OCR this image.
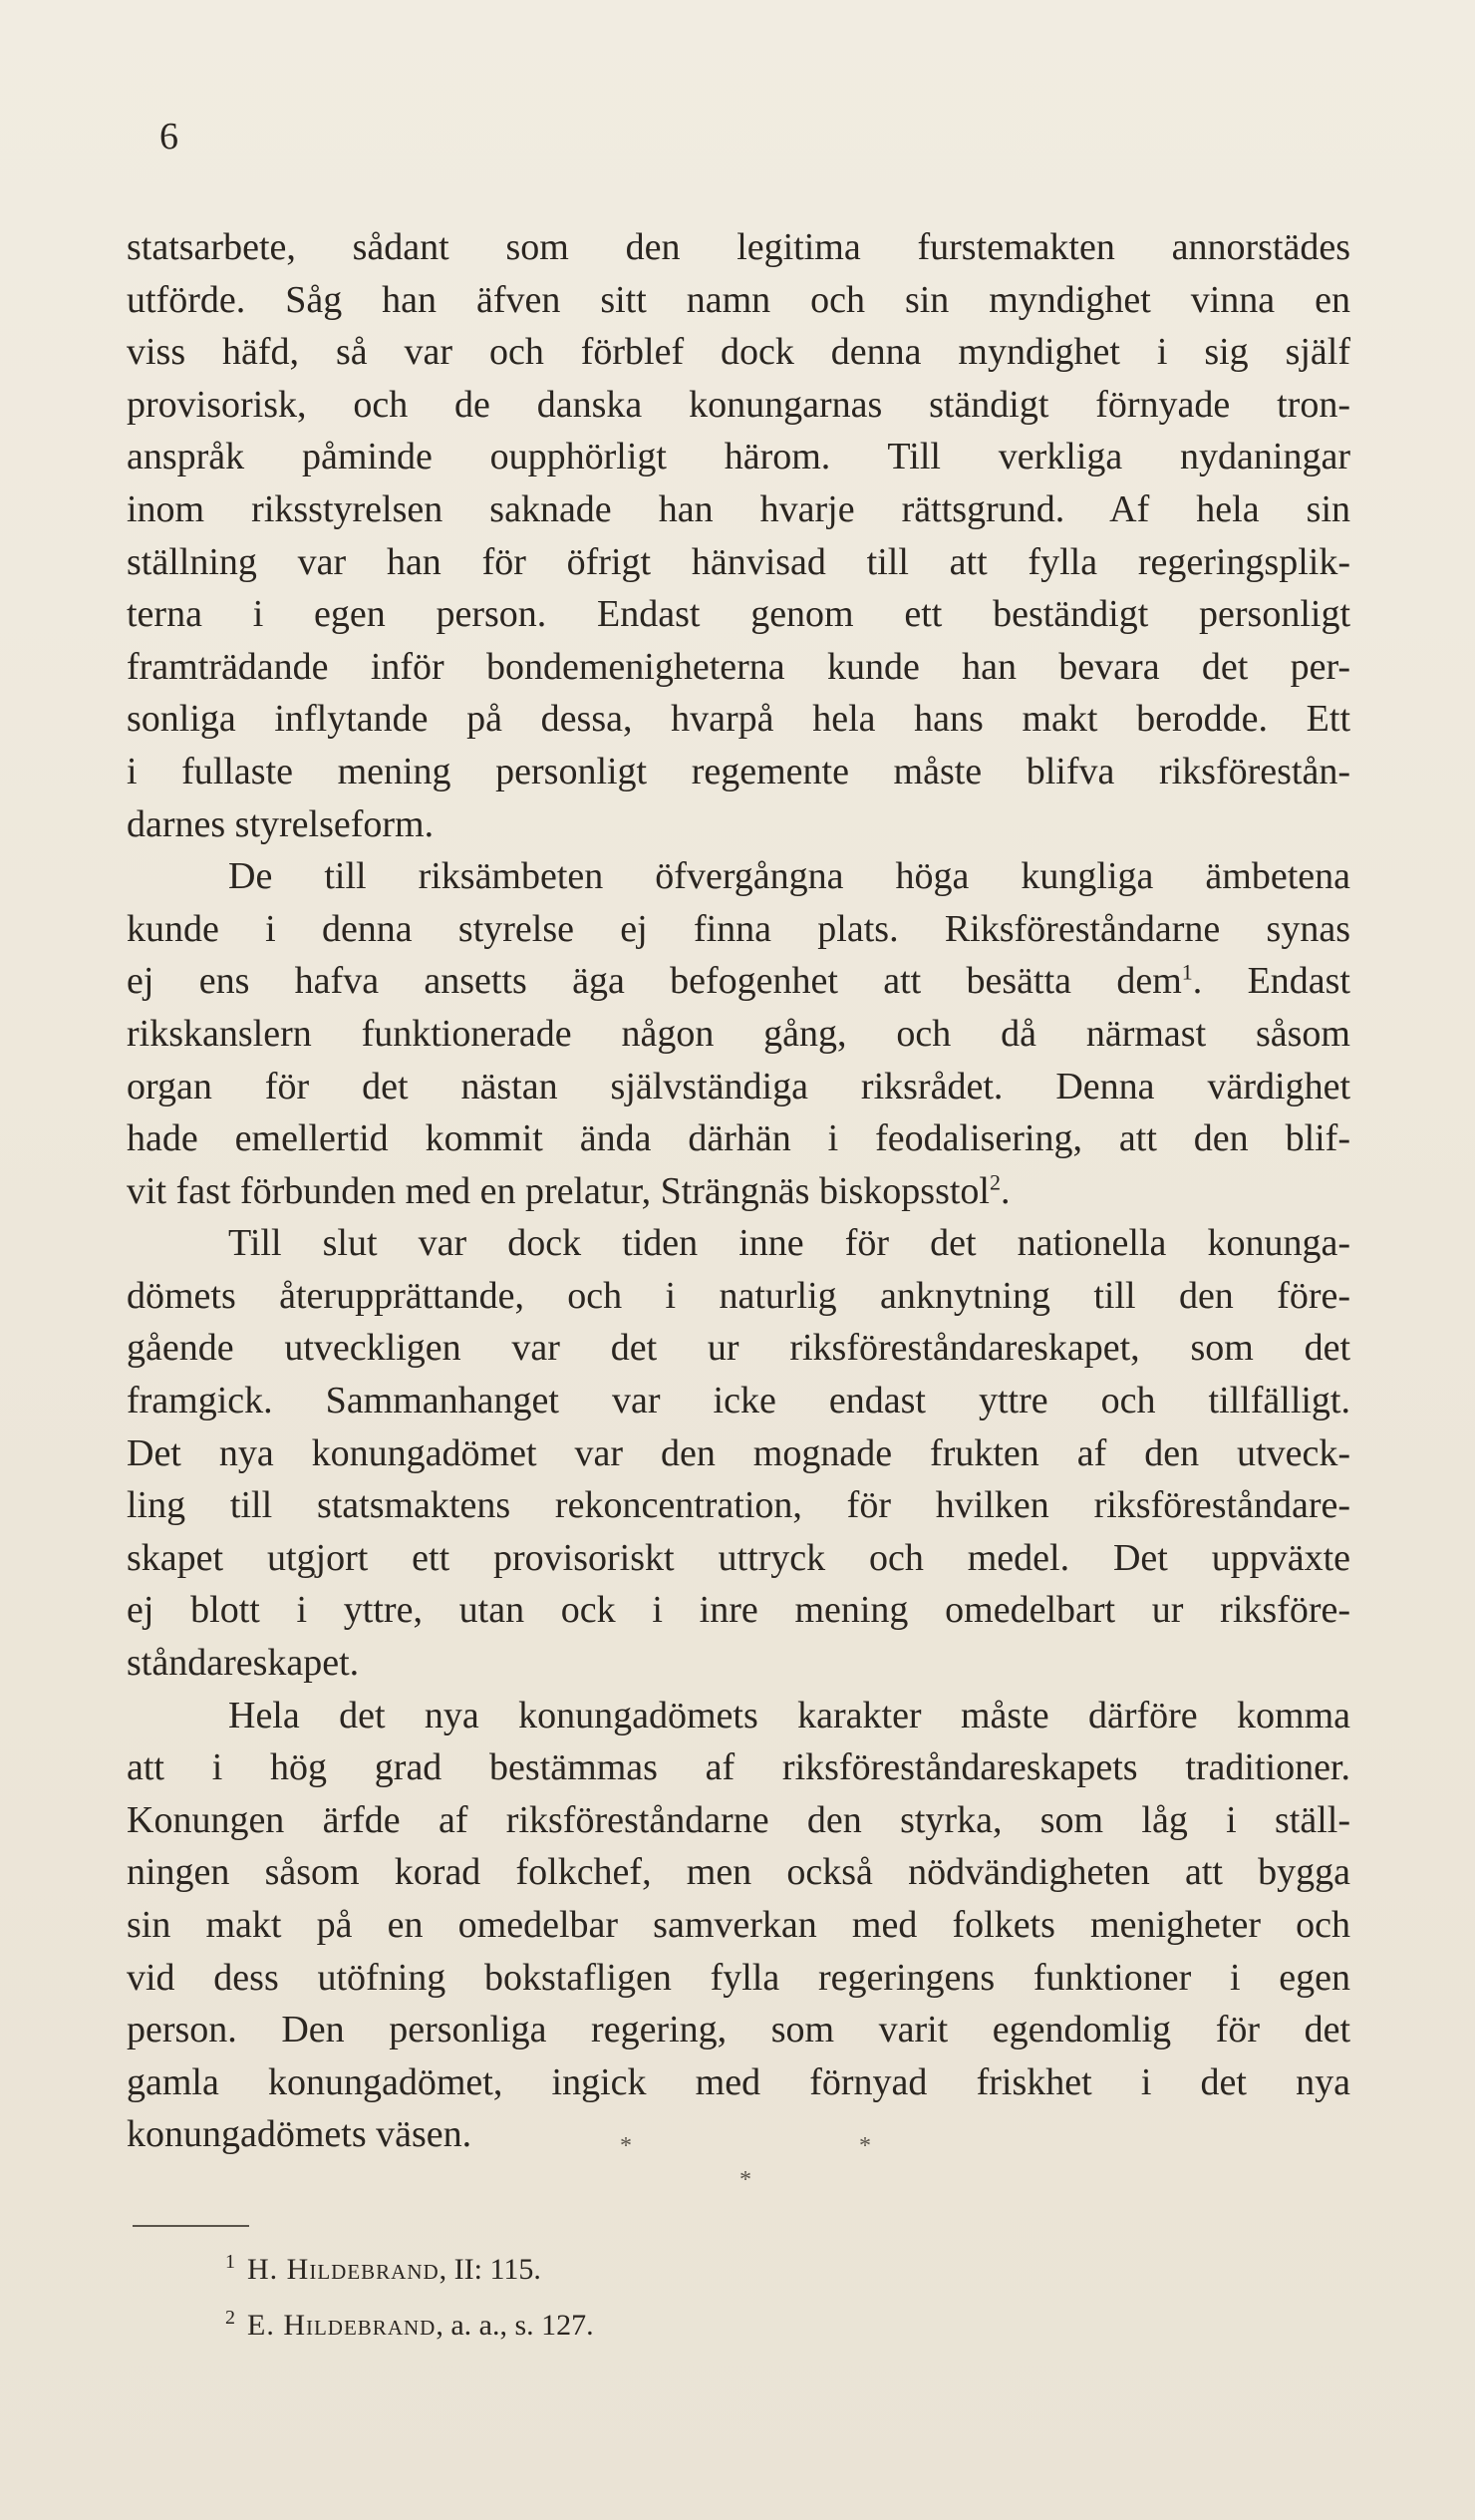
6
statsarbete, sådant som den legitima furstemakten annorstädes
utförde. Såg han äfven sitt namn och sin myndighet vinna en
viss häfd, så var och förblef dock denna myndighet i sig själf
provisorisk, och de danska konungarnas ständigt förnyade tron-
anspråk påminde oupphörligt härom. Till verkliga nydaningar
inom riksstyrelsen saknade han hvarje rättsgrund. Af hela sin
ställning var han för öfrigt hänvisad till att fylla regeringsplik-
terna i egen person. Endast genom ett beständigt personligt
framträdande inför bondemenigheterna kunde han bevara det per-
sonliga inflytande på dessa, hvarpå hela hans makt berodde. Ett
i fullaste mening personligt regemente måste blifva riksförestån-
darnes styrelseform.
De till riksämbeten öfvergångna höga kungliga ämbetena
kunde i denna styrelse ej finna plats. Riksföreståndarne synas
ej ens hafva ansetts äga befogenhet att besätta dem$^1$. Endast
rikskanslern funktionerade någon gång, och då närmast såsom
organ för det nästan självständiga riksrådet. Denna värdighet
hade emellertid kommit ända därhän i feodalisering, att den blif-
vit fast förbunden med en prelatur, Strängnäs biskopsstol$^2$.
Till slut var dock tiden inne för det nationella konunga-
dömets återupprättande, och i naturlig anknytning till den före-
gående utveckligen var det ur riksföreståndareskapet, som det
framgick. Sammanhanget var icke endast yttre och tillfälligt.
Det nya konungadömet var den mognade frukten af den utveck-
ling till statsmaktens rekoncentration, för hvilken riksföreståndare-
skapet utgjort ett provisoriskt uttryck och medel. Det uppväxte
ej blott i yttre, utan ock i inre mening omedelbart ur riksföre-
ståndareskapet.
Hela det nya konungadömets karakter måste därföre komma
att i hög grad bestämmas af riksföreståndareskapets traditioner.
Konungen ärfde af riksföreståndarne den styrka, som låg i ställ-
ningen såsom korad folkchef, men också nödvändigheten att bygga
sin makt på en omedelbar samverkan med folkets menigheter och
vid dess utöfning bokstafligen fylla regeringens funktioner i egen
person. Den personliga regering, som varit egendomlig för det
gamla konungadömet, ingick med förnyad friskhet i det nya
konungadömets väsen.	*	*
*
$^1$ H. Hildebrand, II: 115.
$^2$ E. Hildebrand, a. a., s. 127.
